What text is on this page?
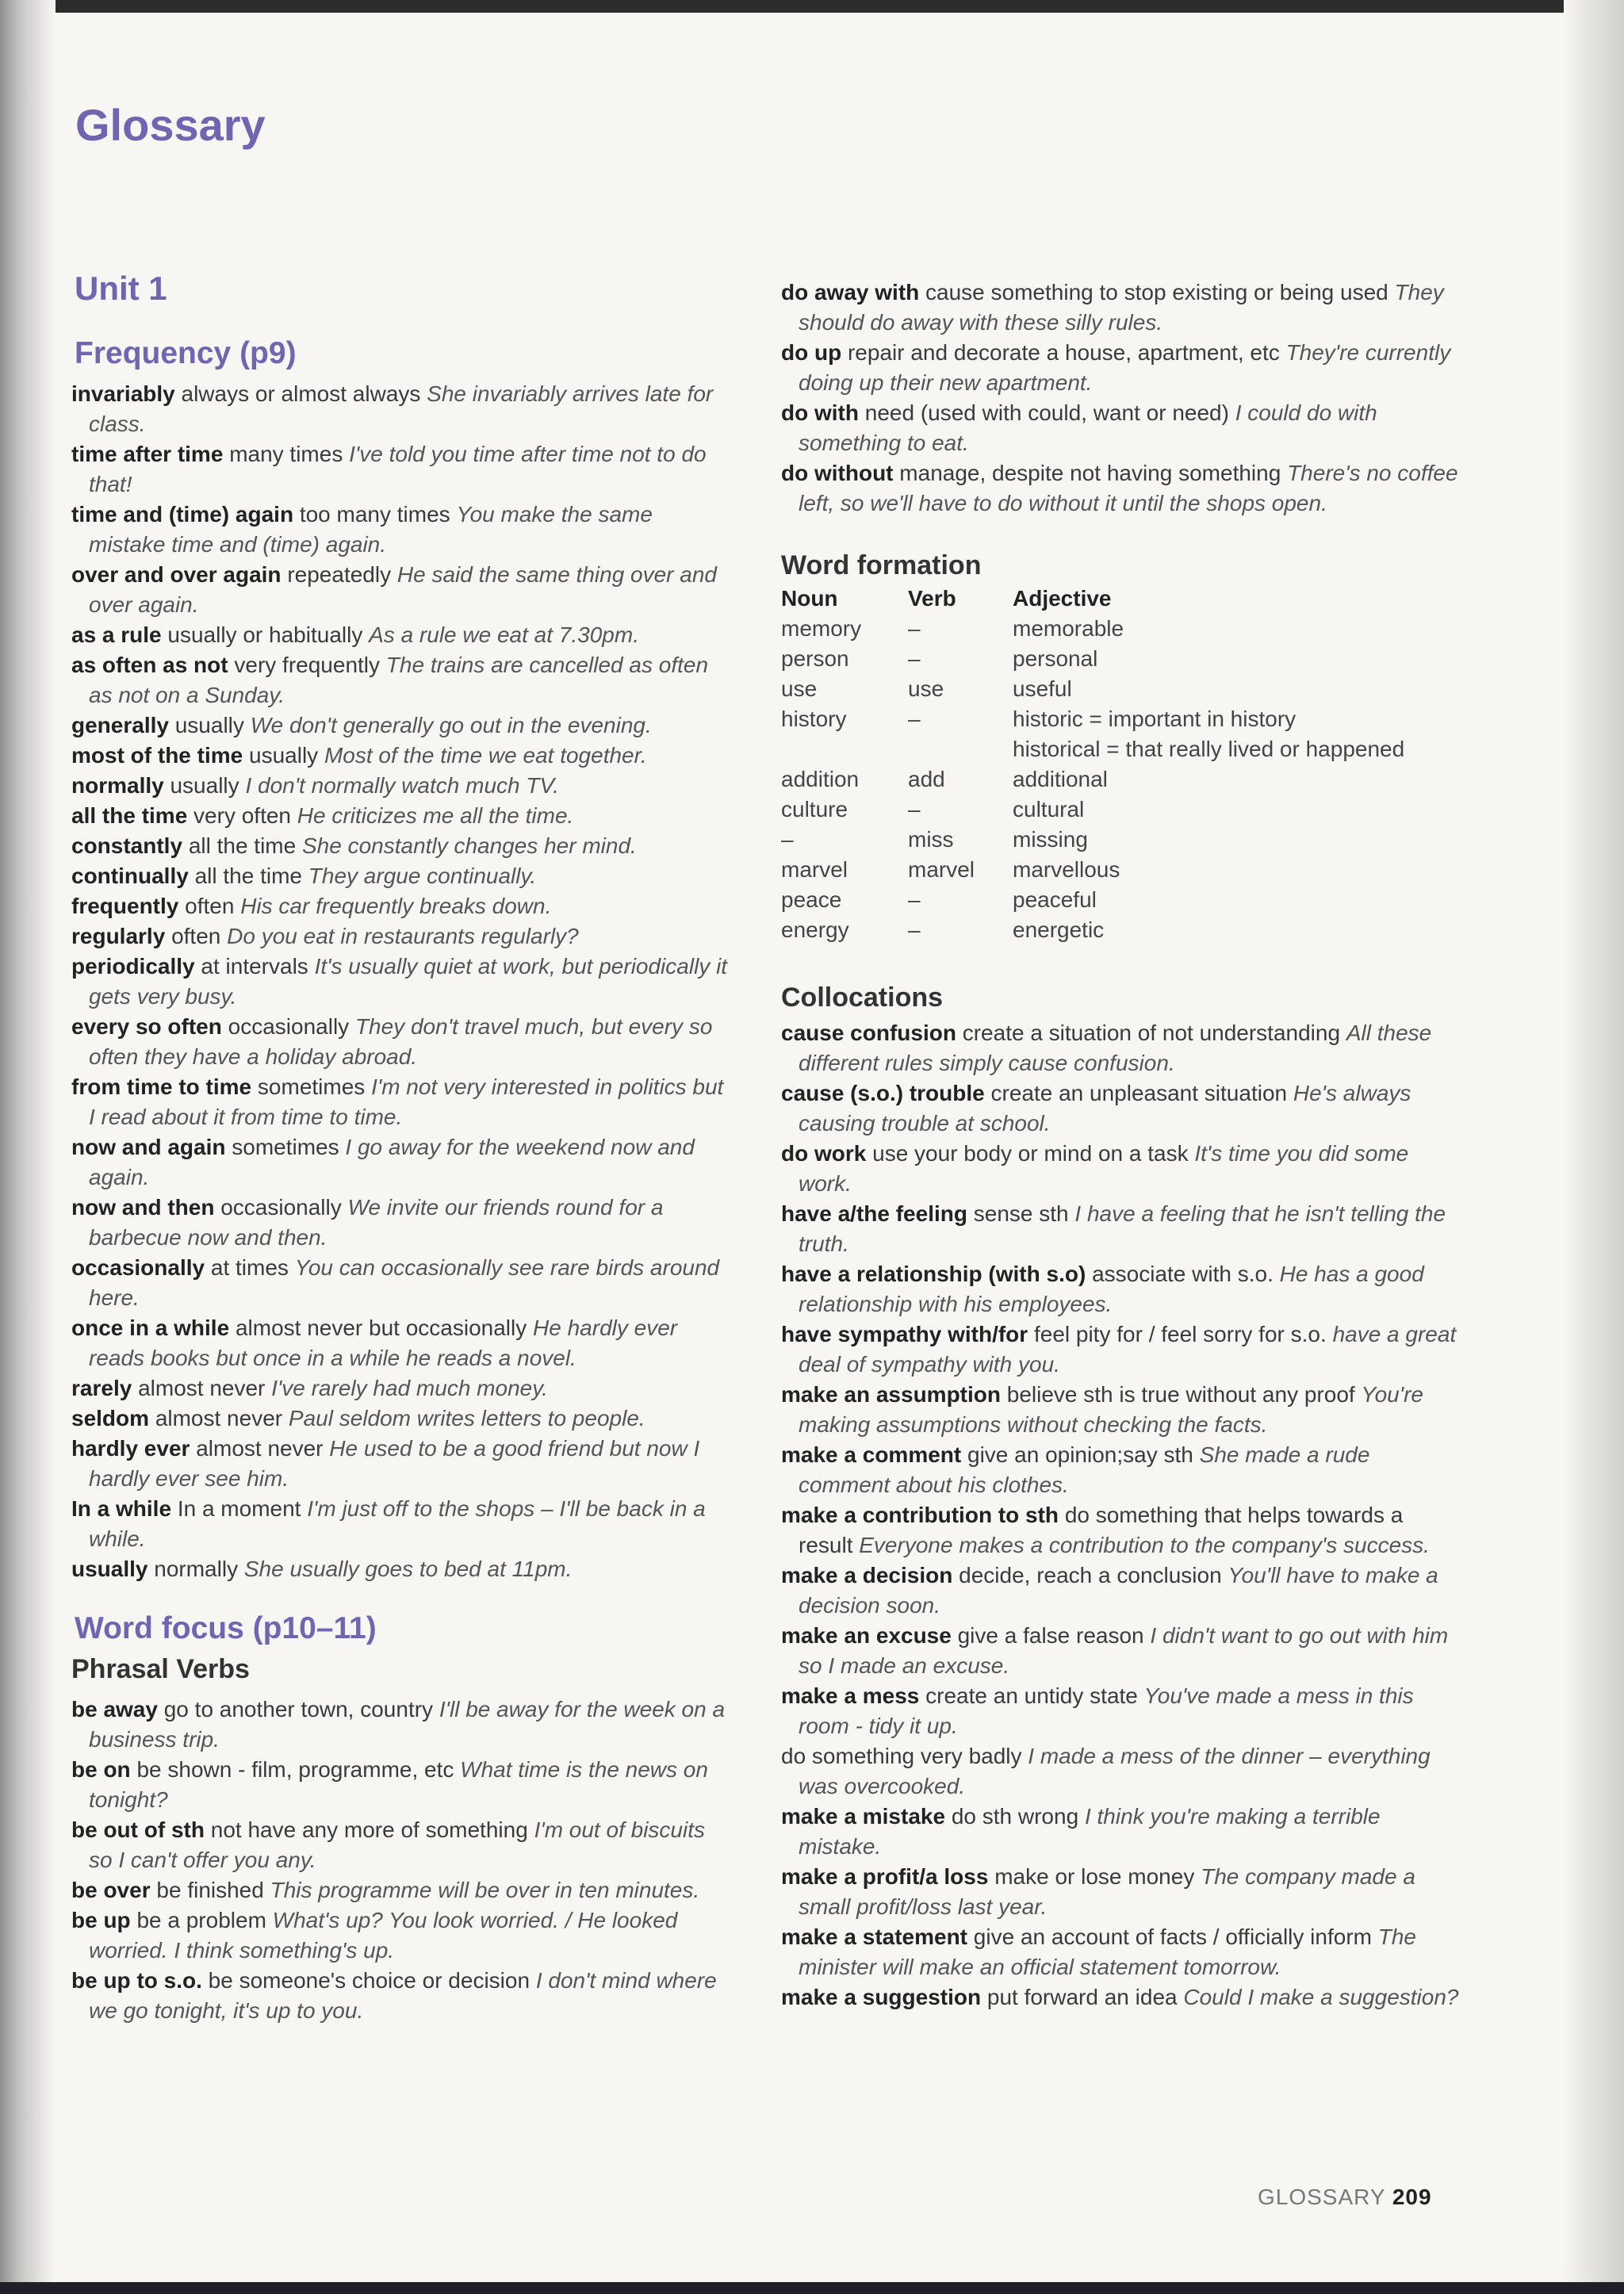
Glossary
Unit 1
Frequency (p9)

invariably always or almost always She invariably arrives late for class.

time after time many times I've told you time after time not to do that!

time and (time) again too many times You make the same mistake time and (time) again.

over and over again repeatedly He said the same thing over and over again.

as a rule usually or habitually As a rule we eat at 7.30pm.

as often as not very frequently The trains are cancelled as often as not on a Sunday.

generally usually We don't generally go out in the evening.

most of the time usually Most of the time we eat together.

normally usually I don't normally watch much TV.

all the time very often He criticizes me all the time.

constantly all the time She constantly changes her mind.

continually all the time They argue continually.

frequently often His car frequently breaks down.

regularly often Do you eat in restaurants regularly?

periodically at intervals It's usually quiet at work, but periodically it gets very busy.

every so often occasionally They don't travel much, but every so often they have a holiday abroad.

from time to time sometimes I'm not very interested in politics but I read about it from time to time.

now and again sometimes I go away for the weekend now and again.

now and then occasionally We invite our friends round for a barbecue now and then.

occasionally at times You can occasionally see rare birds around here.

once in a while almost never but occasionally He hardly ever reads books but once in a while he reads a novel.

rarely almost never I've rarely had much money.

seldom almost never Paul seldom writes letters to people.

hardly ever almost never He used to be a good friend but now I hardly ever see him.

In a while In a moment I'm just off to the shops – I'll be back in a while.

usually normally She usually goes to bed at 11pm.

Word focus (p10–11)
Phrasal Verbs

be away go to another town, country I'll be away for the week on a business trip.

be on be shown - film, programme, etc What time is the news on tonight?

be out of sth not have any more of something I'm out of biscuits so I can't offer you any.

be over be finished This programme will be over in ten minutes.

be up be a problem What's up? You look worried. / He looked worried. I think something's up.

be up to s.o. be someone's choice or decision I don't mind where we go tonight, it's up to you.

do away with cause something to stop existing or being used They should do away with these silly rules.

do up repair and decorate a house, apartment, etc They're currently doing up their new apartment.

do with need (used with could, want or need) I could do with something to eat.

do without manage, despite not having something There's no coffee left, so we'll have to do without it until the shops open.

Word formation
Noun	Verb	Adjective
memory	–	memorable
person	–	personal
use	use	useful
history	–	historic = important in history
		historical = that really lived or happened
addition	add	additional
culture	–	cultural
–	miss	missing
marvel	marvel	marvellous
peace	–	peaceful
energy	–	energetic
Collocations

cause confusion create a situation of not understanding All these different rules simply cause confusion.

cause (s.o.) trouble create an unpleasant situation He's always causing trouble at school.

do work use your body or mind on a task It's time you did some work.

have a/the feeling sense sth I have a feeling that he isn't telling the truth.

have a relationship (with s.o) associate with s.o. He has a good relationship with his employees.

have sympathy with/for feel pity for / feel sorry for s.o. have a great deal of sympathy with you.

make an assumption believe sth is true without any proof You're making assumptions without checking the facts.

make a comment give an opinion;say sth She made a rude comment about his clothes.

make a contribution to sth do something that helps towards a result Everyone makes a contribution to the company's success.

make a decision decide, reach a conclusion You'll have to make a decision soon.

make an excuse give a false reason I didn't want to go out with him so I made an excuse.

make a mess create an untidy state You've made a mess in this room - tidy it up.

do something very badly I made a mess of the dinner – everything was overcooked.

make a mistake do sth wrong I think you're making a terrible mistake.

make a profit/a loss make or lose money The company made a small profit/loss last year.

make a statement give an account of facts / officially inform The minister will make an official statement tomorrow.

make a suggestion put forward an idea Could I make a suggestion?

GLOSSARY 209
